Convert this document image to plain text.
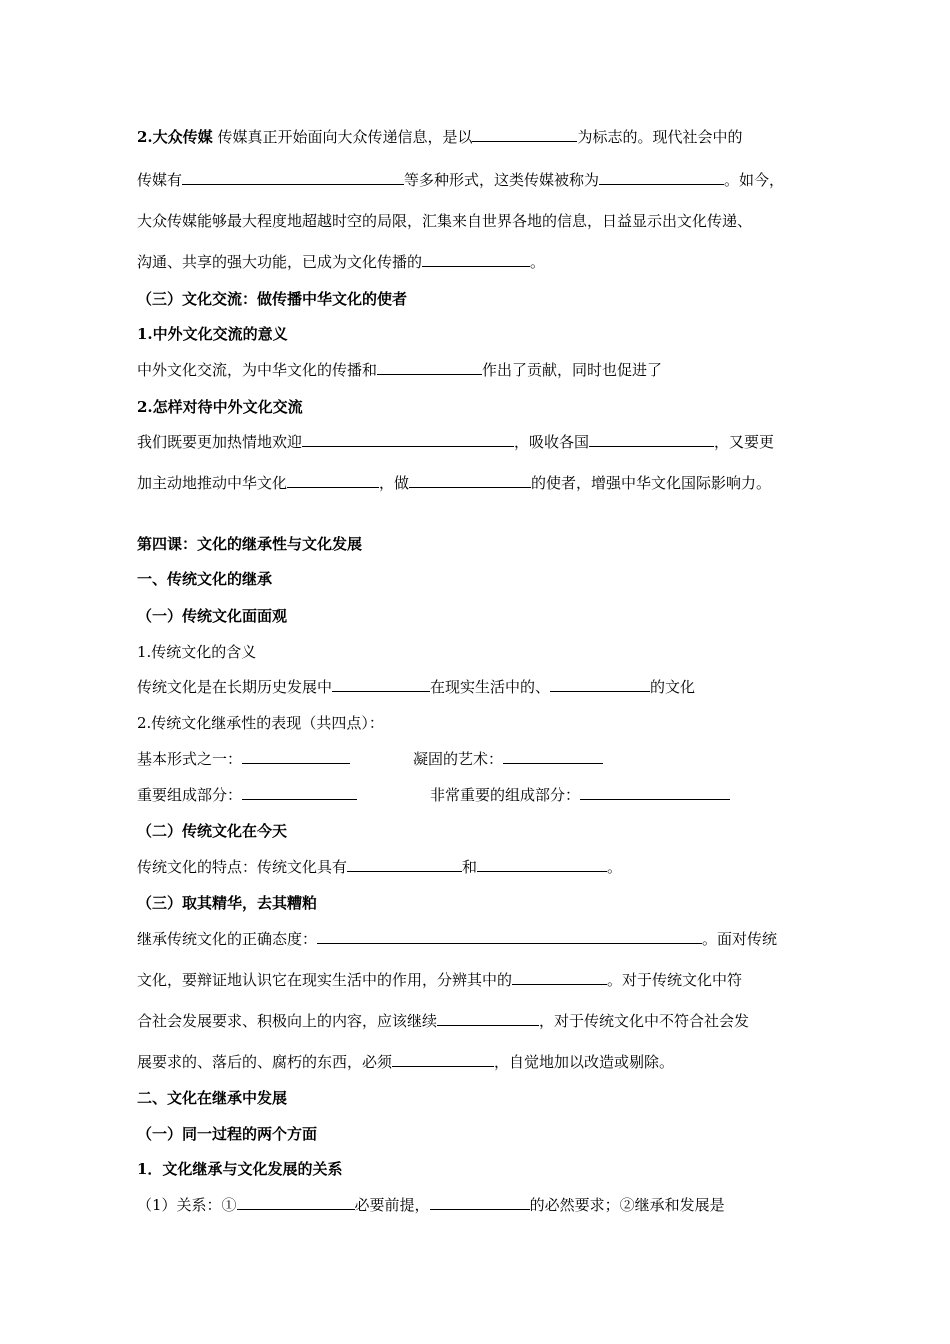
2.大众传媒 传媒真正开始面向大众传递信息，是以	为标志的。现代社会中的
传媒有	等多种形式，这类传媒被称为	。如今，
大众传媒能够最大程度地超越时空的局限，汇集来自世界各地的信息，日益显示出文化传递、
沟通、共享的强大功能，已成为文化传播的	。
（三）文化交流：做传播中华文化的使者
1.中外文化交流的意义
中外文化交流，为中华文化的传播和	作出了贡献，同时也促进了
2.怎样对待中外文化交流
我们既要更加热情地欢迎	，吸收各国	，又要更
加主动地推动中华文化	，做	的使者，增强中华文化国际影响力。
第四课：文化的继承性与文化发展
一、传统文化的继承
（一）传统文化面面观
1.传统文化的含义
传统文化是在长期历史发展中	在现实生活中的、	的文化
2.传统文化继承性的表现（共四点）：
基本形式之一：	凝固的艺术：
重要组成部分：	非常重要的组成部分：
（二）传统文化在今天
传统文化的特点：传统文化具有	和	。
（三）取其精华，去其糟粕
继承传统文化的正确态度：	。面对传统
文化，要辩证地认识它在现实生活中的作用，分辨其中的	。对于传统文化中符
合社会发展要求、积极向上的内容，应该继续	，对于传统文化中不符合社会发
展要求的、落后的、腐朽的东西，必须	，自觉地加以改造或剔除。
二、文化在继承中发展
（一）同一过程的两个方面
1．文化继承与文化发展的关系
（1）关系：①	必要前提，	的必然要求；②继承和发展是
